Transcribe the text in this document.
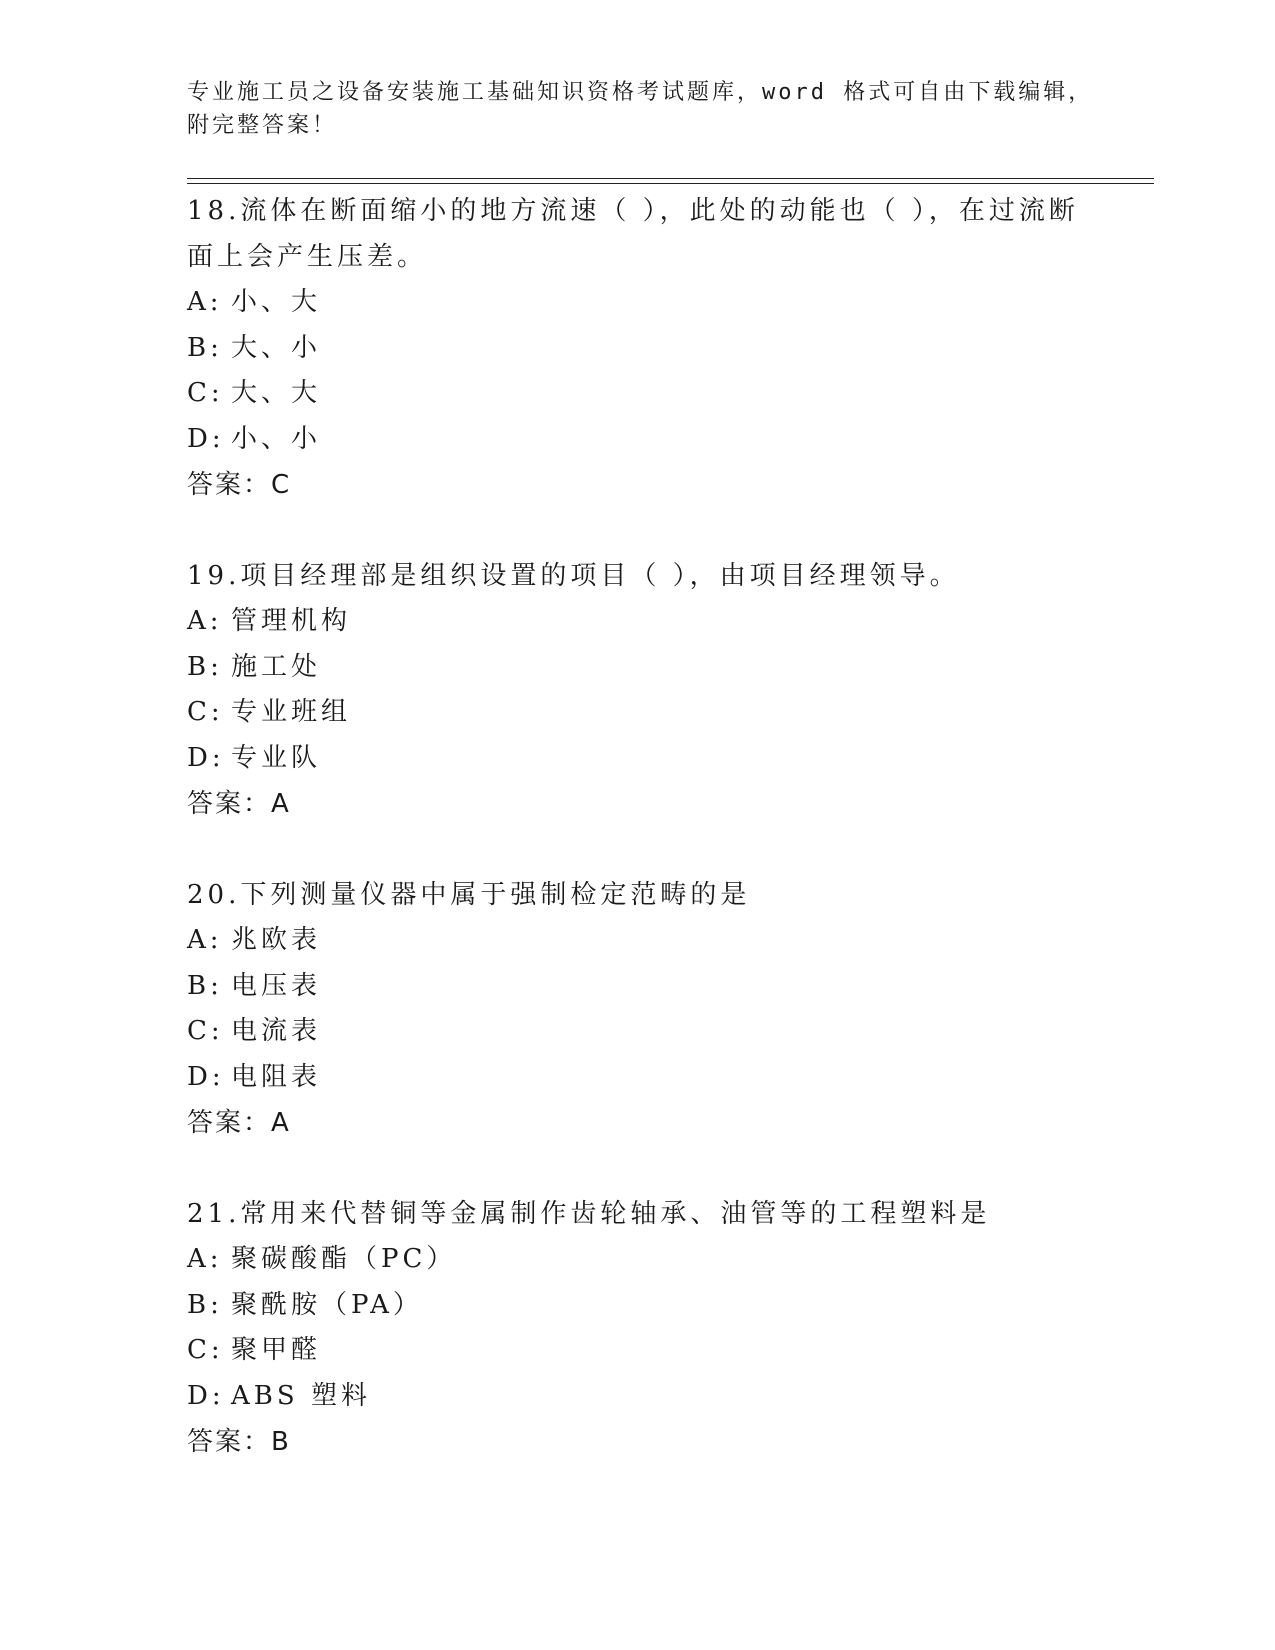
专业施工员之设备安装施工基础知识资格考试题库，word 格式可自由下载编辑，
附完整答案！
18.流体在断面缩小的地方流速（ ），此处的动能也（ ），在过流断
面上会产生压差。
A: 小、大
B: 大、小
C: 大、大
D: 小、小
答案：C
19.项目经理部是组织设置的项目（ ），由项目经理领导。
A: 管理机构
B: 施工处
C: 专业班组
D: 专业队
答案：A
20.下列测量仪器中属于强制检定范畴的是
A: 兆欧表
B: 电压表
C: 电流表
D: 电阻表
答案：A
21.常用来代替铜等金属制作齿轮轴承、油管等的工程塑料是
A: 聚碳酸酯（PC）
B: 聚酰胺（PA）
C: 聚甲醛
D: ABS 塑料
答案：B
